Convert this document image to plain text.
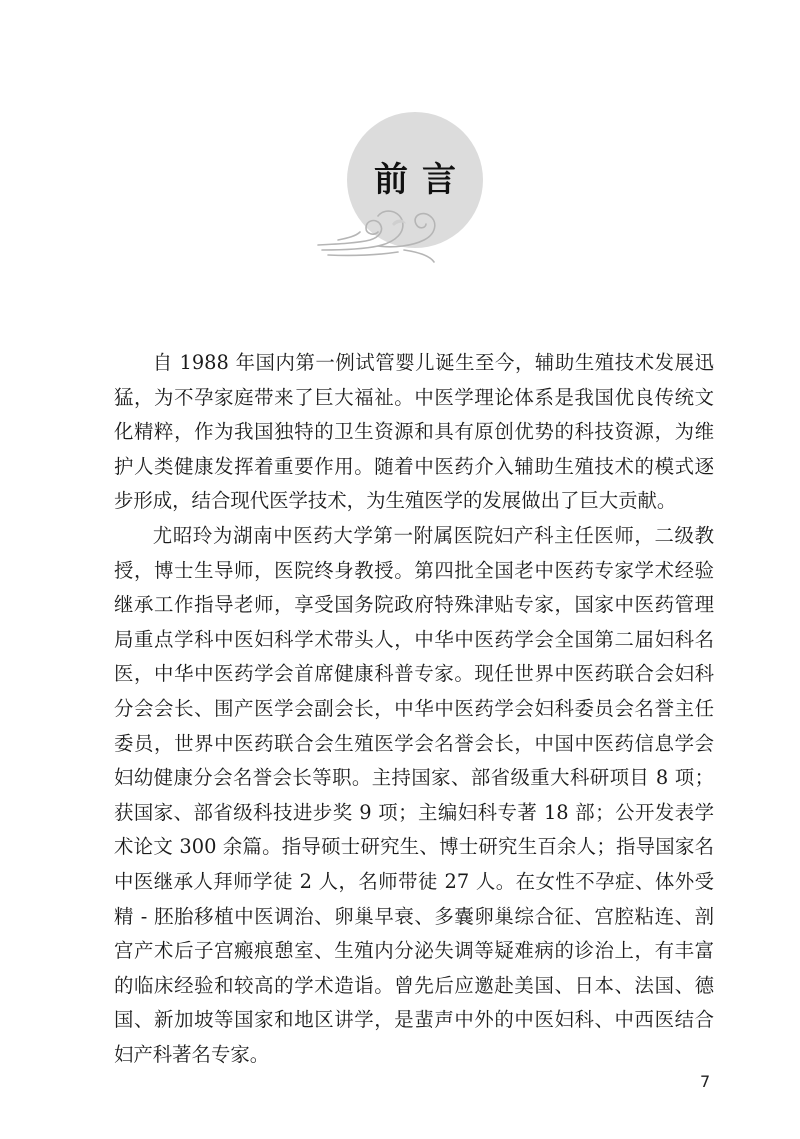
前言

自 1988 年国内第一例试管婴儿诞生至今，辅助生殖技术发展迅猛，为不孕家庭带来了巨大福祉。中医学理论体系是我国优良传统文化精粹，作为我国独特的卫生资源和具有原创优势的科技资源，为维护人类健康发挥着重要作用。随着中医药介入辅助生殖技术的模式逐步形成，结合现代医学技术，为生殖医学的发展做出了巨大贡献。

尤昭玲为湖南中医药大学第一附属医院妇产科主任医师，二级教授，博士生导师，医院终身教授。第四批全国老中医药专家学术经验继承工作指导老师，享受国务院政府特殊津贴专家，国家中医药管理局重点学科中医妇科学术带头人，中华中医药学会全国第二届妇科名医，中华中医药学会首席健康科普专家。现任世界中医药联合会妇科分会会长、围产医学会副会长，中华中医药学会妇科委员会名誉主任委员，世界中医药联合会生殖医学会名誉会长，中国中医药信息学会妇幼健康分会名誉会长等职。主持国家、部省级重大科研项目 8 项；获国家、部省级科技进步奖 9 项；主编妇科专著 18 部；公开发表学术论文 300 余篇。指导硕士研究生、博士研究生百余人；指导国家名中医继承人拜师学徒 2 人，名师带徒 27 人。在女性不孕症、体外受精 - 胚胎移植中医调治、卵巢早衰、多囊卵巢综合征、宫腔粘连、剖宫产术后子宫瘢痕憩室、生殖内分泌失调等疑难病的诊治上，有丰富的临床经验和较高的学术造诣。曾先后应邀赴美国、日本、法国、德国、新加坡等国家和地区讲学，是蜚声中外的中医妇科、中西医结合妇产科著名专家。

7
